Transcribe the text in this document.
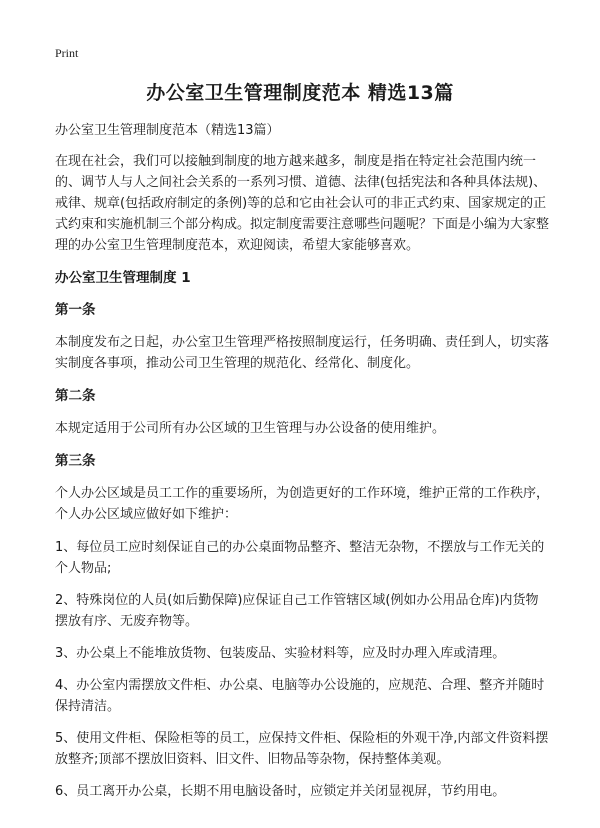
Print
办公室卫生管理制度范本 精选13篇

办公室卫生管理制度范本（精选13篇）

在现在社会，我们可以接触到制度的地方越来越多，制度是指在特定社会范围内统一的、调节人与人之间社会关系的一系列习惯、道德、法律(包括宪法和各种具体法规)、戒律、规章(包括政府制定的条例)等的总和它由社会认可的非正式约束、国家规定的正式约束和实施机制三个部分构成。拟定制度需要注意哪些问题呢？下面是小编为大家整理的办公室卫生管理制度范本，欢迎阅读，希望大家能够喜欢。

办公室卫生管理制度 1

第一条

本制度发布之日起，办公室卫生管理严格按照制度运行，任务明确、责任到人，切实落实制度各事项，推动公司卫生管理的规范化、经常化、制度化。

第二条

本规定适用于公司所有办公区域的卫生管理与办公设备的使用维护。

第三条

个人办公区域是员工工作的重要场所，为创造更好的工作环境，维护正常的工作秩序，个人办公区域应做好如下维护：

1、每位员工应时刻保证自己的办公桌面物品整齐、整洁无杂物，不摆放与工作无关的个人物品;

2、特殊岗位的人员(如后勤保障)应保证自己工作管辖区域(例如办公用品仓库)内货物摆放有序、无废弃物等。

3、办公桌上不能堆放货物、包装废品、实验材料等，应及时办理入库或清理。

4、办公室内需摆放文件柜、办公桌、电脑等办公设施的，应规范、合理、整齐并随时保持清洁。

5、使用文件柜、保险柜等的员工，应保持文件柜、保险柜的外观干净,内部文件资料摆放整齐;顶部不摆放旧资料、旧文件、旧物品等杂物，保持整体美观。

6、员工离开办公桌，长期不用电脑设备时，应锁定并关闭显视屏，节约用电。
